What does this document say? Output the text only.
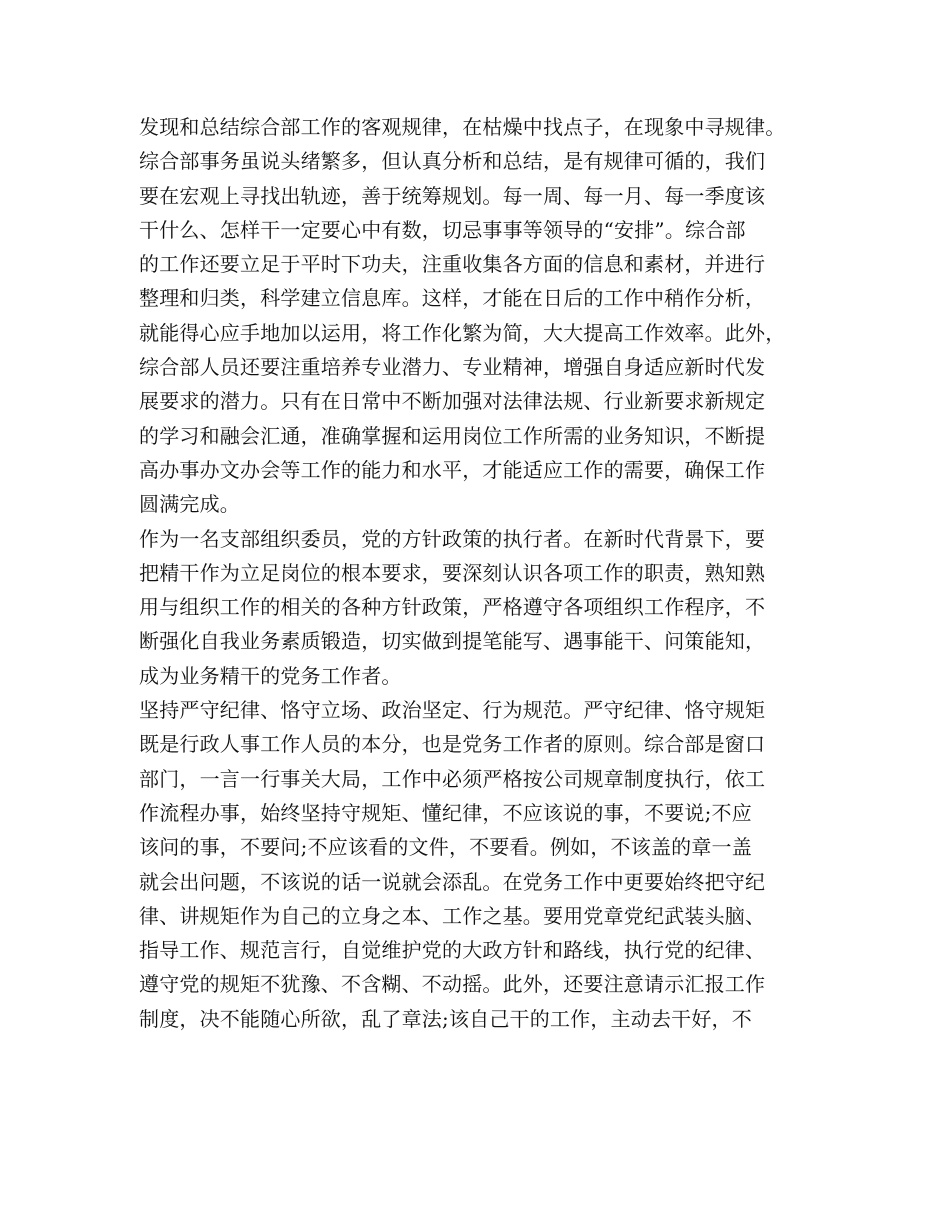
发现和总结综合部工作的客观规律，在枯燥中找点子，在现象中寻规律。
综合部事务虽说头绪繁多，但认真分析和总结，是有规律可循的，我们
要在宏观上寻找出轨迹，善于统筹规划。每一周、每一月、每一季度该
干什么、怎样干一定要心中有数，切忌事事等领导的“安排”。综合部
的工作还要立足于平时下功夫，注重收集各方面的信息和素材，并进行
整理和归类，科学建立信息库。这样，才能在日后的工作中稍作分析，
就能得心应手地加以运用，将工作化繁为简，大大提高工作效率。此外，
综合部人员还要注重培养专业潜力、专业精神，增强自身适应新时代发
展要求的潜力。只有在日常中不断加强对法律法规、行业新要求新规定
的学习和融会汇通，准确掌握和运用岗位工作所需的业务知识，不断提
高办事办文办会等工作的能力和水平，才能适应工作的需要，确保工作
圆满完成。
作为一名支部组织委员，党的方针政策的执行者。在新时代背景下，要
把精干作为立足岗位的根本要求，要深刻认识各项工作的职责，熟知熟
用与组织工作的相关的各种方针政策，严格遵守各项组织工作程序，不
断强化自我业务素质锻造，切实做到提笔能写、遇事能干、问策能知，
成为业务精干的党务工作者。
坚持严守纪律、恪守立场、政治坚定、行为规范。严守纪律、恪守规矩
既是行政人事工作人员的本分，也是党务工作者的原则。综合部是窗口
部门，一言一行事关大局，工作中必须严格按公司规章制度执行，依工
作流程办事，始终坚持守规矩、懂纪律，不应该说的事，不要说;不应
该问的事，不要问;不应该看的文件，不要看。例如，不该盖的章一盖
就会出问题，不该说的话一说就会添乱。在党务工作中更要始终把守纪
律、讲规矩作为自己的立身之本、工作之基。要用党章党纪武装头脑、
指导工作、规范言行，自觉维护党的大政方针和路线，执行党的纪律、
遵守党的规矩不犹豫、不含糊、不动摇。此外，还要注意请示汇报工作
制度，决不能随心所欲，乱了章法;该自己干的工作，主动去干好，不
